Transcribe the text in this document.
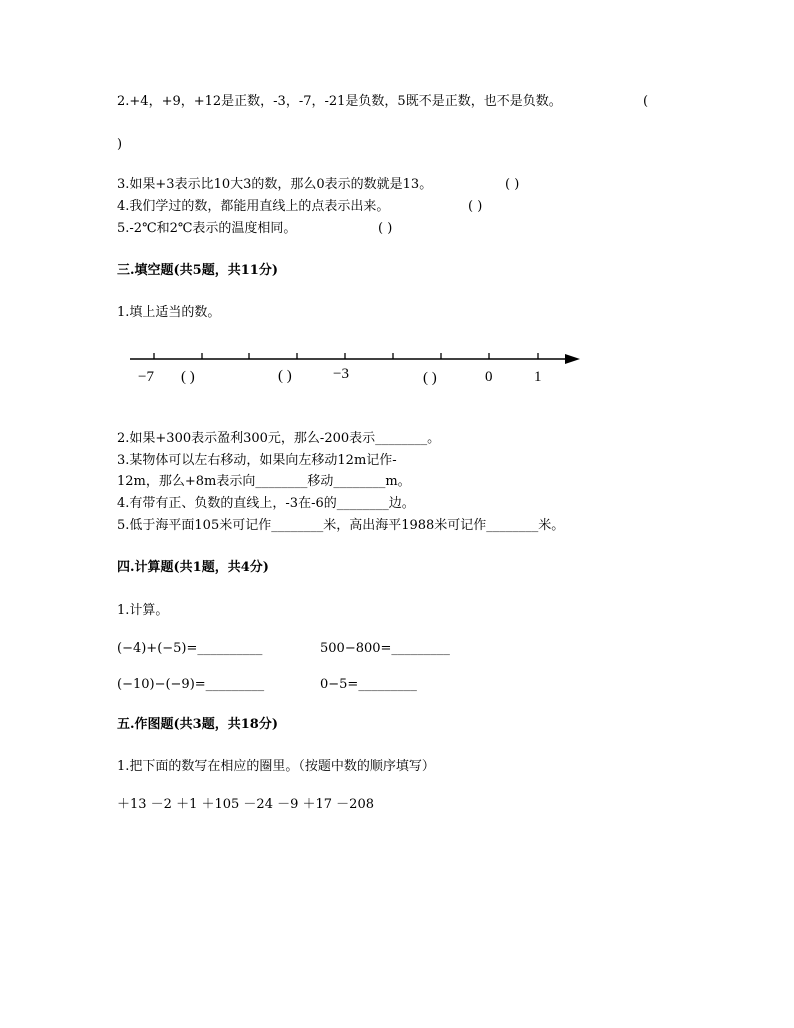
2.+4，+9，+12是正数，-3，-7，-21是负数，5既不是正数，也不是负数。	(
)
3.如果+3表示比10大3的数，那么0表示的数就是13。	( )
4.我们学过的数，都能用直线上的点表示出来。	( )
5.-2℃和2℃表示的温度相同。	( )
三.填空题(共5题，共11分)
1.填上适当的数。
−7 ( )	( )	−3	( )	0	1
2.如果+300表示盈利300元，那么-200表示________。
3.某物体可以左右移动，如果向左移动12m记作-
12m，那么+8m表示向________移动________m。
4.有带有正、负数的直线上，-3在-6的________边。
5.低于海平面105米可记作________米，高出海平1988米可记作________米。
四.计算题(共1题，共4分)
1.计算。
(−4)+(−5)=__________	500−800=_________
(−10)−(−9)=_________	0−5=_________
五.作图题(共3题，共18分)
1.把下面的数写在相应的圈里。（按题中数的顺序填写）
＋13 －2 ＋1 ＋105 －24 －9 ＋17 －208
